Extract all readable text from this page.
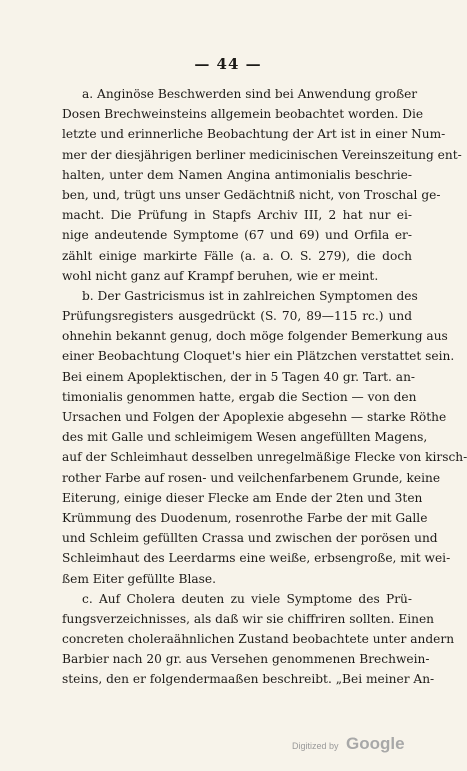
— 44 —
a. Anginöse Beschwerden sind bei Anwendung großer
Dosen Brechweinsteins allgemein beobachtet worden. Die
letzte und erinnerliche Beobachtung der Art ist in einer Num-
mer der diesjährigen berliner medicinischen Vereinszeitung ent-
halten, unter dem Namen Angina antimonialis beschrie-
ben, und, trügt uns unser Gedächtniß nicht, von Troschal ge-
macht. Die Prüfung in Stapfs Archiv III, 2 hat nur ei-
nige andeutende Symptome (67 und 69) und Orfila er-
zählt einige markirte Fälle (a. a. O. S. 279), die doch
wohl nicht ganz auf Krampf beruhen, wie er meint.
b. Der Gastricismus ist in zahlreichen Symptomen des
Prüfungsregisters ausgedrückt (S. 70, 89—115 rc.) und
ohnehin bekannt genug, doch möge folgender Bemerkung aus
einer Beobachtung Cloquet's hier ein Plätzchen verstattet sein.
Bei einem Apoplektischen, der in 5 Tagen 40 gr. Tart. an-
timonialis genommen hatte, ergab die Section — von den
Ursachen und Folgen der Apoplexie abgesehn — starke Röthe
des mit Galle und schleimigem Wesen angefüllten Magens,
auf der Schleimhaut desselben unregelmäßige Flecke von kirsch-
rother Farbe auf rosen- und veilchenfarbenem Grunde, keine
Eiterung, einige dieser Flecke am Ende der 2ten und 3ten
Krümmung des Duodenum, rosenrothe Farbe der mit Galle
und Schleim gefüllten Crassa und zwischen der porösen und
Schleimhaut des Leerdarms eine weiße, erbsengroße, mit wei-
ßem Eiter gefüllte Blase.
c. Auf Cholera deuten zu viele Symptome des Prü-
fungsverzeichnisses, als daß wir sie chiffriren sollten. Einen
concreten choleraähnlichen Zustand beobachtete unter andern
Barbier nach 20 gr. aus Versehen genommenen Brechwein-
steins, den er folgendermaaßen beschreibt. „Bei meiner An-
Digitized by Google
